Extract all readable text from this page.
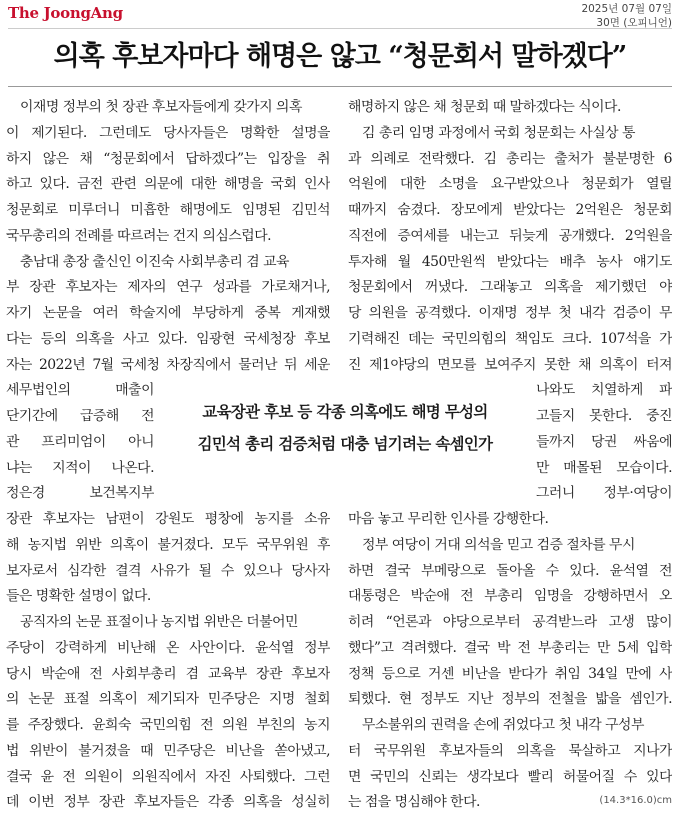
The JoongAng	2025년 07월 07일
30면 (오피니언)
의혹 후보자마다 해명은 않고 “청문회서 말하겠다”
이재명 정부의 첫 장관 후보자들에게 갖가지 의혹
이 제기된다. 그런데도 당사자들은 명확한 설명을
하지 않은 채 “청문회에서 답하겠다”는 입장을 취
하고 있다. 금전 관련 의문에 대한 해명을 국회 인사
청문회로 미루더니 미흡한 해명에도 임명된 김민석
국무총리의 전례를 따르려는 건지 의심스럽다.
충남대 총장 출신인 이진숙 사회부총리 겸 교육
부 장관 후보자는 제자의 연구 성과를 가로채거나,
자기 논문을 여러 학술지에 부당하게 중복 게재했
다는 등의 의혹을 사고 있다. 임광현 국세청장 후보
자는 2022년 7월 국세청 차장직에서 물러난 뒤 세운
세무법인의 매출이
단기간에 급증해 전
관 프리미엄이 아니
냐는 지적이 나온다.
정은경 보건복지부
장관 후보자는 남편이 강원도 평창에 농지를 소유
해 농지법 위반 의혹이 불거졌다. 모두 국무위원 후
보자로서 심각한 결격 사유가 될 수 있으나 당사자
들은 명확한 설명이 없다.
공직자의 논문 표절이나 농지법 위반은 더불어민
주당이 강력하게 비난해 온 사안이다. 윤석열 정부
당시 박순애 전 사회부총리 겸 교육부 장관 후보자
의 논문 표절 의혹이 제기되자 민주당은 지명 철회
를 주장했다. 윤희숙 국민의힘 전 의원 부친의 농지
법 위반이 불거졌을 때 민주당은 비난을 쏟아냈고,
결국 윤 전 의원이 의원직에서 자진 사퇴했다. 그런
데 이번 정부 장관 후보자들은 각종 의혹을 성실히
해명하지 않은 채 청문회 때 말하겠다는 식이다.
김 총리 임명 과정에서 국회 청문회는 사실상 통
과 의례로 전락했다. 김 총리는 출처가 불분명한 6
억원에 대한 소명을 요구받았으나 청문회가 열릴
때까지 숨겼다. 장모에게 받았다는 2억원은 청문회
직전에 증여세를 내는고 뒤늦게 공개했다. 2억원을
투자해 월 450만원씩 받았다는 배추 농사 얘기도
청문회에서 꺼냈다. 그래놓고 의혹을 제기했던 야
당 의원을 공격했다. 이재명 정부 첫 내각 검증이 무
기력해진 데는 국민의힘의 책임도 크다. 107석을 가
진 제1야당의 면모를 보여주지 못한 채 의혹이 터져
나와도 치열하게 파
고들지 못한다. 중진
들까지 당권 싸움에
만 매몰된 모습이다.
그러니 정부·여당이
마음 놓고 무리한 인사를 강행한다.
정부 여당이 거대 의석을 믿고 검증 절차를 무시
하면 결국 부메랑으로 돌아올 수 있다. 윤석열 전
대통령은 박순애 전 부총리 임명을 강행하면서 오
히려 “언론과 야당으로부터 공격받느라 고생 많이
했다”고 격려했다. 결국 박 전 부총리는 만 5세 입학
정책 등으로 거센 비난을 받다가 취임 34일 만에 사
퇴했다. 현 정부도 지난 정부의 전철을 밟을 셈인가.
무소불위의 권력을 손에 쥐었다고 첫 내각 구성부
터 국무위원 후보자들의 의혹을 묵살하고 지나가
면 국민의 신뢰는 생각보다 빨리 허물어질 수 있다
는 점을 명심해야 한다.
교육장관 후보 등 각종 의혹에도 해명 무성의
김민석 총리 검증처럼 대충 넘기려는 속셈인가
(14.3*16.0)cm
